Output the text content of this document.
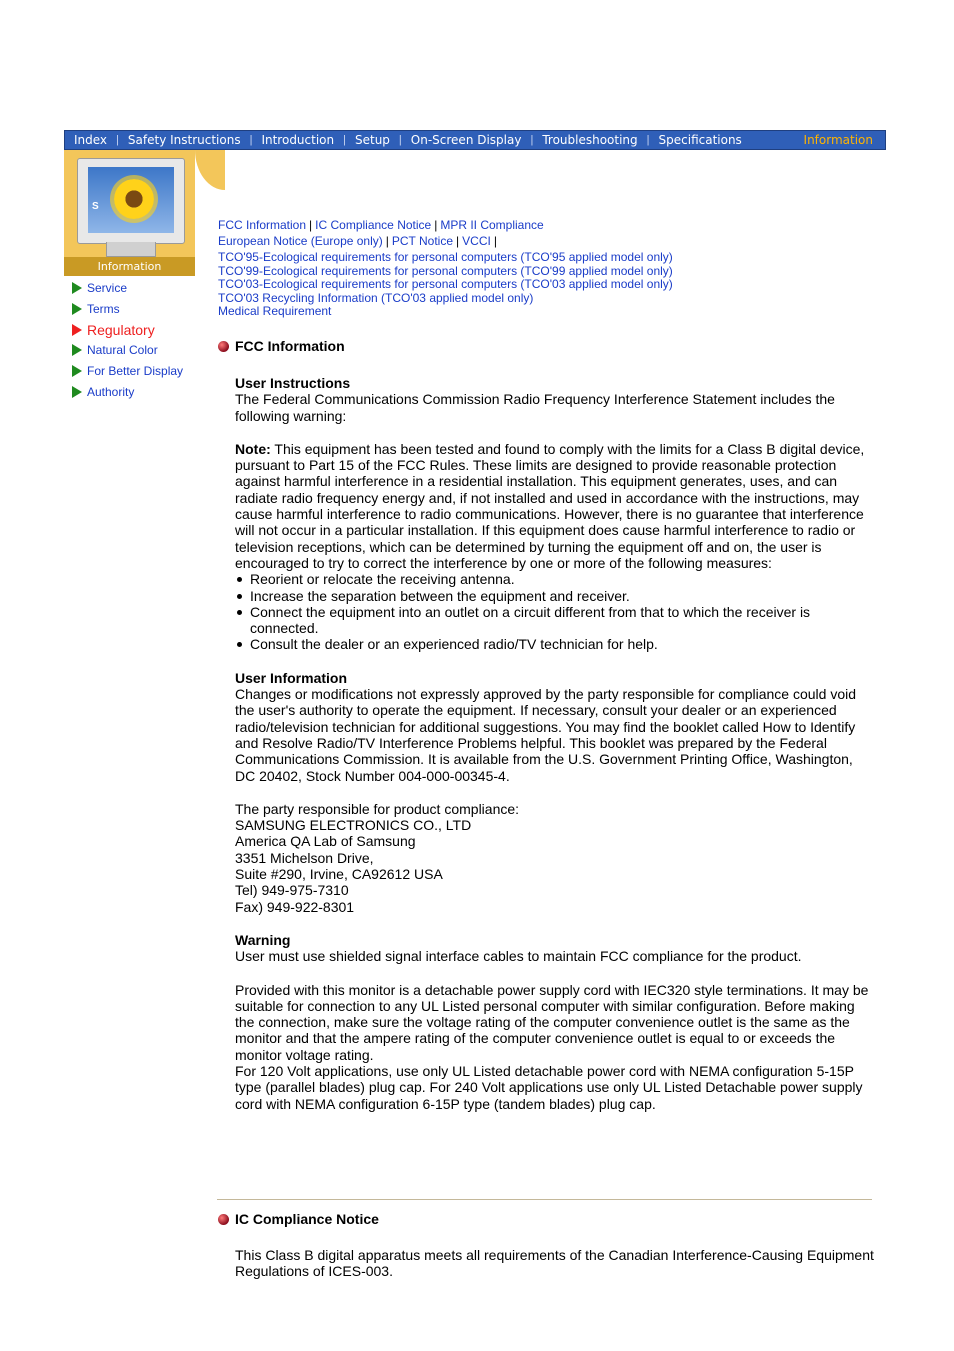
Index | Safety Instructions | Introduction | Setup | On-Screen Display | Troubleshooting | Specifications	Information
S
Information
Service
Terms
Regulatory
Natural Color
For Better Display
Authority
FCC Information | IC Compliance Notice | MPR II Compliance
European Notice (Europe only) | PCT Notice | VCCI |
TCO'95-Ecological requirements for personal computers (TCO'95 applied model only)
TCO'99-Ecological requirements for personal computers (TCO'99 applied model only)
TCO'03-Ecological requirements for personal computers (TCO'03 applied model only)
TCO'03 Recycling Information (TCO'03 applied model only)
Medical Requirement
FCC Information

User Instructions

The Federal Communications Commission Radio Frequency Interference Statement includes the following warning:

Note: This equipment has been tested and found to comply with the limits for a Class B digital device, pursuant to Part 15 of the FCC Rules. These limits are designed to provide reasonable protection against harmful interference in a residential installation. This equipment generates, uses, and can radiate radio frequency energy and, if not installed and used in accordance with the instructions, may cause harmful interference to radio communications. However, there is no guarantee that interference will not occur in a particular installation. If this equipment does cause harmful interference to radio or television receptions, which can be determined by turning the equipment off and on, the user is encouraged to try to correct the interference by one or more of the following measures:

Reorient or relocate the receiving antenna.
Increase the separation between the equipment and receiver.
Connect the equipment into an outlet on a circuit different from that to which the receiver is connected.
Consult the dealer or an experienced radio/TV technician for help.

User Information

Changes or modifications not expressly approved by the party responsible for compliance could void the user's authority to operate the equipment. If necessary, consult your dealer or an experienced radio/television technician for additional suggestions. You may find the booklet called How to Identify and Resolve Radio/TV Interference Problems helpful. This booklet was prepared by the Federal Communications Commission. It is available from the U.S. Government Printing Office, Washington, DC 20402, Stock Number 004-000-00345-4.

The party responsible for product compliance:

SAMSUNG ELECTRONICS CO., LTD

America QA Lab of Samsung

3351 Michelson Drive,

Suite #290, Irvine, CA92612 USA

Tel) 949-975-7310

Fax) 949-922-8301

Warning

User must use shielded signal interface cables to maintain FCC compliance for the product.

Provided with this monitor is a detachable power supply cord with IEC320 style terminations. It may be suitable for connection to any UL Listed personal computer with similar configuration. Before making the connection, make sure the voltage rating of the computer convenience outlet is the same as the monitor and that the ampere rating of the computer convenience outlet is equal to or exceeds the monitor voltage rating.

For 120 Volt applications, use only UL Listed detachable power cord with NEMA configuration 5-15P type (parallel blades) plug cap. For 240 Volt applications use only UL Listed Detachable power supply cord with NEMA configuration 6-15P type (tandem blades) plug cap.

IC Compliance Notice

This Class B digital apparatus meets all requirements of the Canadian Interference-Causing Equipment Regulations of ICES-003.
